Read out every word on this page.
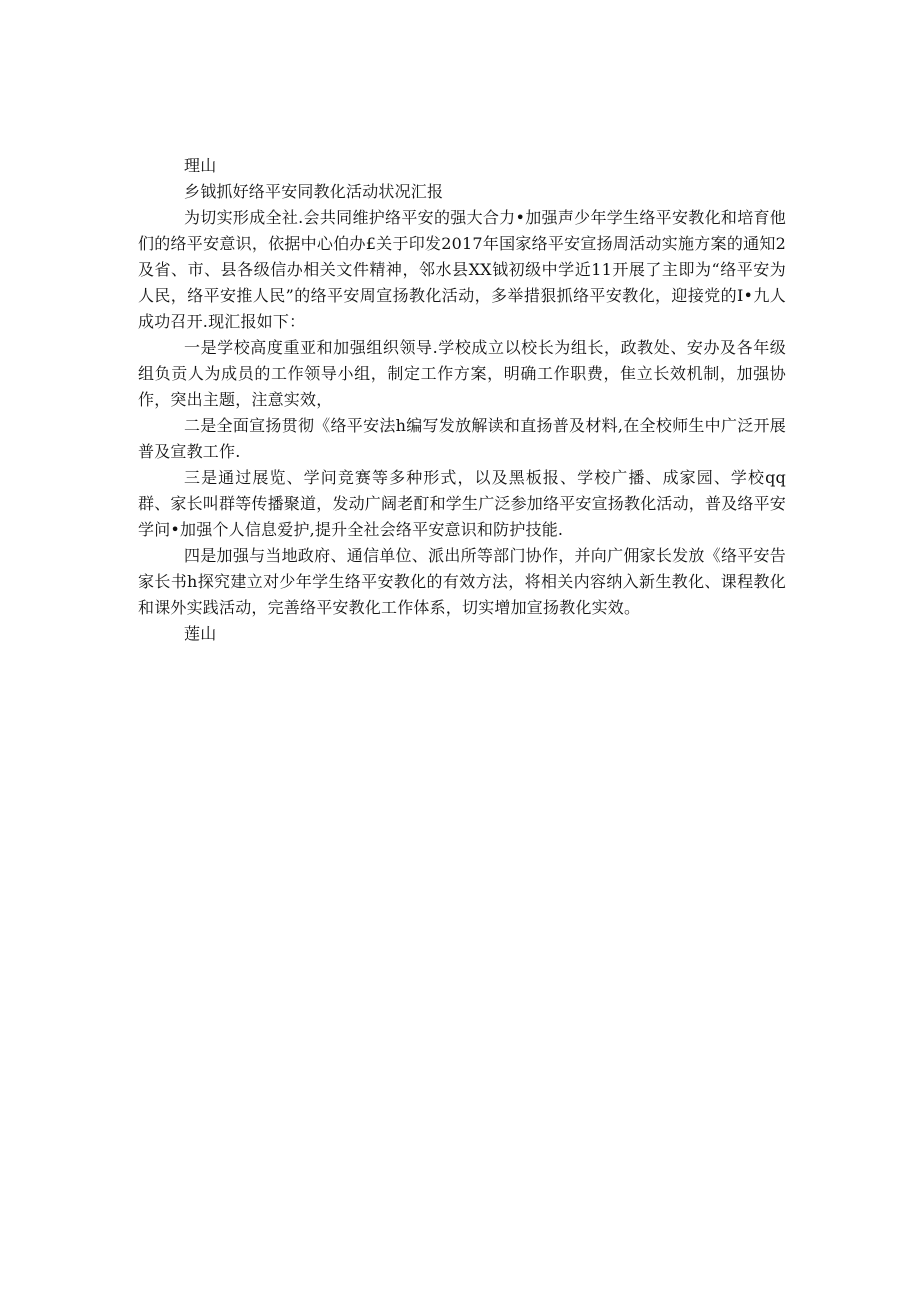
理山
乡钺抓好络平安同教化活动状况汇报

为切实形成全社.会共同维护络平安的强大合力•加强声少年学生络平安教化和培育他们的络平安意识，依据中心伯办£关于印发2017年国家络平安宣扬周活动实施方案的通知2及省、市、县各级信办相关文件精神，邻水县XX钺初级中学近11开展了主即为“络平安为人民，络平安推人民”的络平安周宣扬教化活动，多举措狠抓络平安教化，迎接党的I•九人成功召开.现汇报如下：

一是学校高度重亚和加强组织领导.学校成立以校长为组长，政教处、安办及各年级组负贡人为成员的工作领导小组，制定工作方案，明确工作职费，隹立长效机制，加强协作，突出主题，注意实效，

二是全面宣扬贯彻《络平安法h编写发放解读和直扬普及材料,在全校师生中广泛开展普及宣教工作.

三是通过展览、学问竞赛等多种形式，以及黑板报、学校广播、成家园、学校qq群、家长叫群等传播聚道，发动广阔老酊和学生广泛参加络平安宣扬教化活动，普及络平安学问•加强个人信息爱护,提升全社会络平安意识和防护技能.

四是加强与当地政府、通信单位、派出所等部门协作，并向广佣家长发放《络平安告家长书h探究建立对少年学生络平安教化的有效方法，将相关内容纳入新生教化、课程教化和课外实践活动，完善络平安教化工作体系，切实增加宣扬教化实效。

莲山
